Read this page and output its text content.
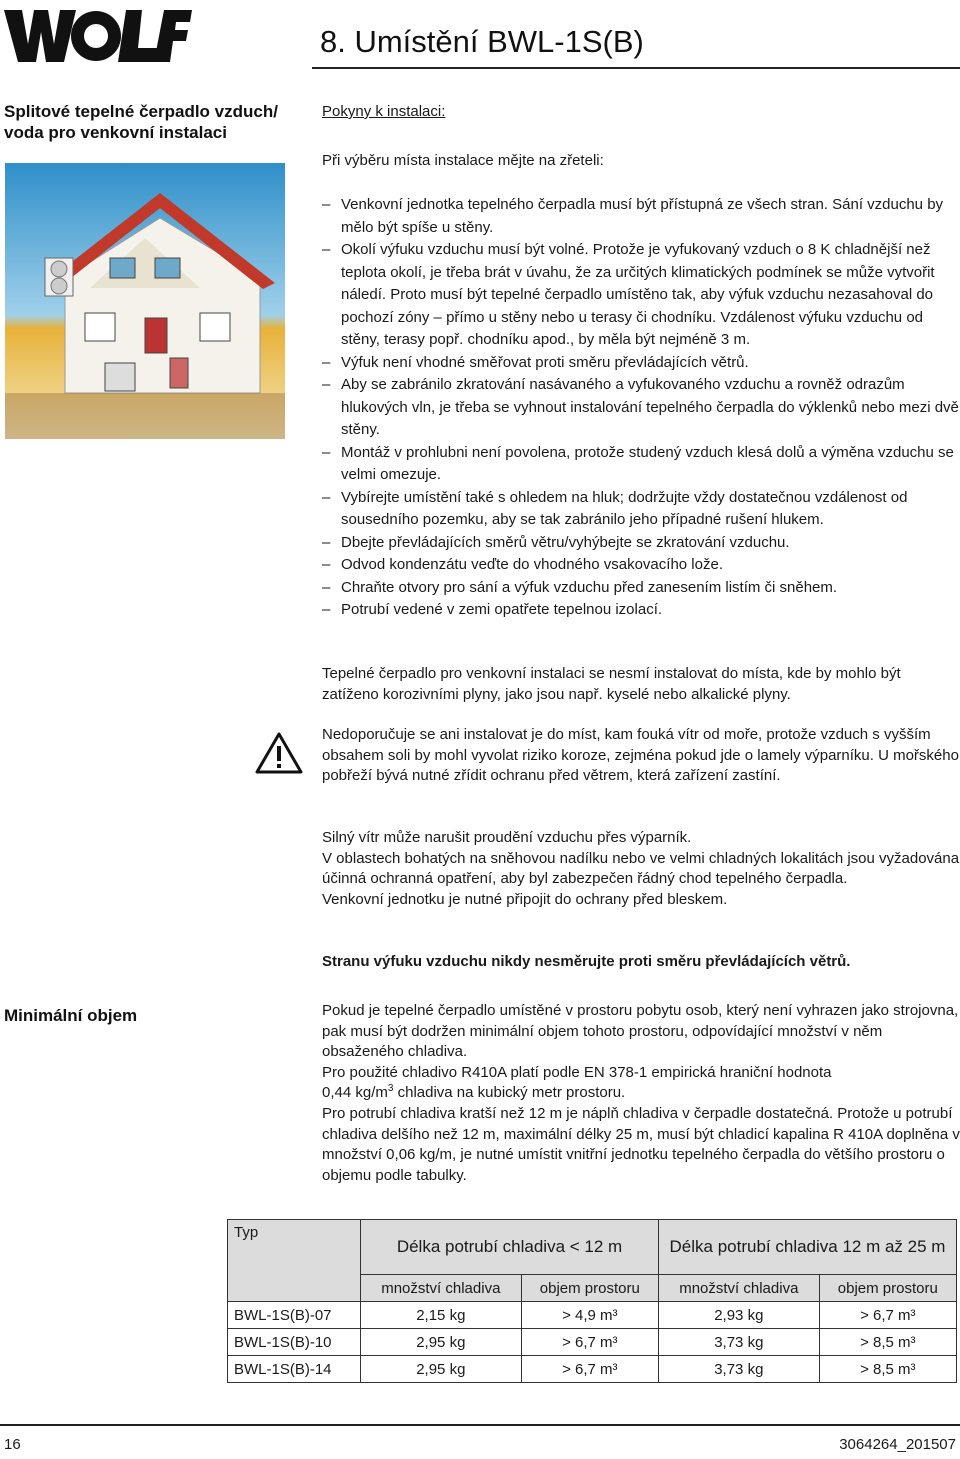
8. Umístění BWL-1S(B)
Splitové tepelné čerpadlo vzduch/ voda pro venkovní instalaci
Minimální objem
Pokyny k instalaci:
Při výběru místa instalace mějte na zřeteli:
– Venkovní jednotka tepelného čerpadla musí být přístupná ze všech stran. Sání vzduchu by mělo být spíše u stěny.
– Okolí výfuku vzduchu musí být volné. Protože je vyfukovaný vzduch o 8 K chladnější než teplota okolí, je třeba brát v úvahu, že za určitých klimatických podmínek se může vytvořit náledí. Proto musí být tepelné čerpadlo umístěno tak, aby výfuk vzduchu nezasahoval do pochozí zóny – přímo u stěny nebo u terasy či chodníku. Vzdálenost výfuku vzduchu od stěny, terasy popř. chodníku apod., by měla být nejméně 3 m.
– Výfuk není vhodné směřovat proti směru převládajících větrů.
– Aby se zabránilo zkratování nasávaného a vyfukovaného vzduchu a rovněž odrazům hlukových vln, je třeba se vyhnout instalování tepelného čerpadla do výklenků nebo mezi dvě stěny.
– Montáž v prohlubni není povolena, protože studený vzduch klesá dolů a výměna vzduchu se velmi omezuje.
– Vybírejte umístění také s ohledem na hluk; dodržujte vždy dostatečnou vzdálenost od sousedního pozemku, aby se tak zabránilo jeho případné rušení hlukem.
– Dbejte převládajících směrů větru/vyhýbejte se zkratování vzduchu.
– Odvod kondenzátu veďte do vhodného vsakovacího lože.
– Chraňte otvory pro sání a výfuk vzduchu před zanesením listím či sněhem.
– Potrubí vedené v zemi opatřete tepelnou izolací.
Tepelné čerpadlo pro venkovní instalaci se nesmí instalovat do místa, kde by mohlo být zatíženo korozivními plyny, jako jsou např. kyselé nebo alkalické plyny.
Nedoporučuje se ani instalovat je do míst, kam fouká vítr od moře, protože vzduch s vyšším obsahem soli by mohl vyvolat riziko koroze, zejména pokud jde o lamely výparníku. U mořského pobřeží bývá nutné zřídit ochranu před větrem, která zařízení zastíní.
Silný vítr může narušit proudění vzduchu přes výparník.
V oblastech bohatých na sněhovou nadílku nebo ve velmi chladných lokalitách jsou vyžadována účinná ochranná opatření, aby byl zabezpečen řádný chod tepelného čerpadla.
Venkovní jednotku je nutné připojit do ochrany před bleskem.
Stranu výfuku vzduchu nikdy nesměrujte proti směru převládajících větrů.
Pokud je tepelné čerpadlo umístěné v prostoru pobytu osob, který není vyhrazen jako strojovna, pak musí být dodržen minimální objem tohoto prostoru, odpovídající množství v něm obsaženého chladiva.
Pro použité chladivo R410A platí podle EN 378-1 empirická hraniční hodnota
0,44 $kg/m^3$ chladiva na kubický metr prostoru.
Pro potrubí chladiva kratší než 12 m je náplň chladiva v čerpadle dostatečná. Protože u potrubí chladiva delšího než 12 m, maximální délky 25 m, musí být chladicí kapalina R 410A doplněna v množství 0,06 kg/m, je nutné umístit vnitřní jednotku tepelného čerpadla do většího prostoru o objemu podle tabulky.
Typ	Délka potrubí chladiva < 12 m		Délka potrubí chladiva 12 m až 25 m	
	množství chladiva	objem prostoru	množství chladiva	objem prostoru
BWL-1S(B)-07	2,15 kg	> 4,9 m³	2,93 kg	> 6,7 m³
BWL-1S(B)-10	2,95 kg	> 6,7 m³	3,73 kg	> 8,5 m³
BWL-1S(B)-14	2,95 kg	> 6,7 m³	3,73 kg	> 8,5 m³
16	3064264_201507
